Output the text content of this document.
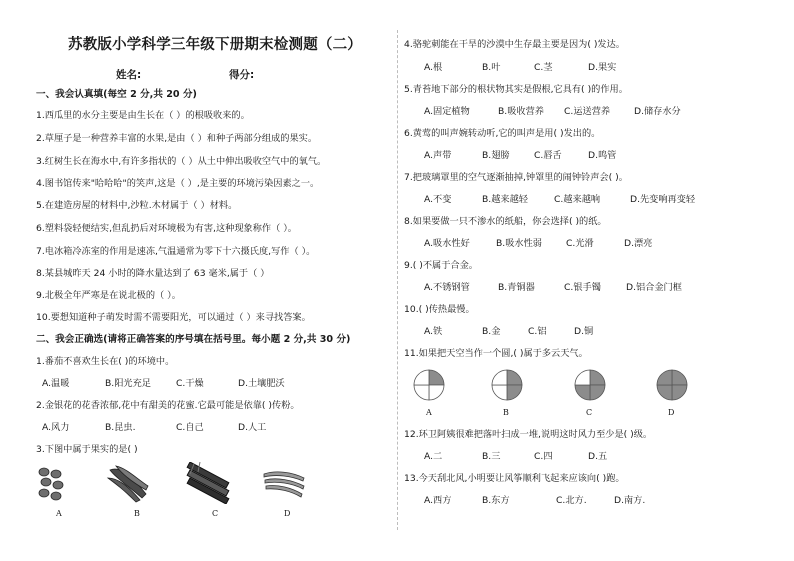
苏教版小学科学三年级下册期末检测题（二）
姓名:	得分:
一、我会认真填(每空 2 分,共 20 分)
1.西瓜里的水分主要是由生长在（ ）的根吸收来的。
2.草厘子是一种营养丰富的水果,是由（ ）和种子两部分组成的果实。
3.红树生长在海水中,有许多指状的（ ）从土中伸出吸收空气中的氧气。
4.图书馆传来"哈哈哈"的笑声,这是（ ）,是主要的环境污染因素之一。
5.在建造房屋的材料中,沙粒.木材属于（ ）材料。
6.塑料袋轻便结实,但乱扔后对环境极为有害,这种现象称作（ ）。
7.电冰箱冷冻室的作用是速冻,气温通常为零下十六摄氏度,写作（ ）。
8.某县城昨天 24 小时的降水量达到了 63 毫米,属于（ ）
9.北极全年严寒是在说北极的（ ）。
10.要想知道种子萌发时需不需要阳光，可以通过（ ）来寻找答案。
二、我会正确选(请将正确答案的序号填在括号里。每小题 2 分,共 30 分)
1.番茄不喜欢生长在( )的环境中。
A.温暖	B.阳光充足	C.干燥	D.土壤肥沃
2.金银花的花香浓郁,花中有甜美的花蜜.它最可能是依靠( )传粉。
A.风力	B.昆虫.	C.自己	D.人工
3.下图中属于果实的是( )
A	B	C	D
4.骆驼刺能在干旱的沙漠中生存最主要是因为( )发达。
A.根	B.叶	C.茎	D.果实
5.青苔地下部分的根状物其实是假根,它具有( )的作用。
A.固定植物	B.吸收营养 C.运送营养	D.储存水分
6.黄莺的叫声婉转动听,它的叫声是用( )发出的。
A.声带	B.翅膀	C.唇舌	D.鸣管
7.把玻璃罩里的空气逐渐抽掉,钟罩里的闹钟铃声会( )。
A.不变	B.越来越轻	C.越来越响	D.先变响再变轻
8.如果要做一只不渗水的纸船，你会选择( )的纸。
A.吸水性好	B.吸水性弱	C.光滑	D.漂亮
9.( )不属于合金。
A.不锈钢管	B.青铜器	C.银手镯	D.铝合金门框
10.( )传热最慢。
A.铁	B.金	C.铝	D.铜
11.如果把天空当作一个圆,( )属于多云天气。
A	B	C	D
12.环卫阿姨很难把落叶扫成一堆,说明这时风力至少是( )级。
A.二	B.三	C.四	D.五
13.今天刮北风,小明要让风筝顺利飞起来应该向( )跑。
A.西方	B.东方	C.北方.	D.南方.
